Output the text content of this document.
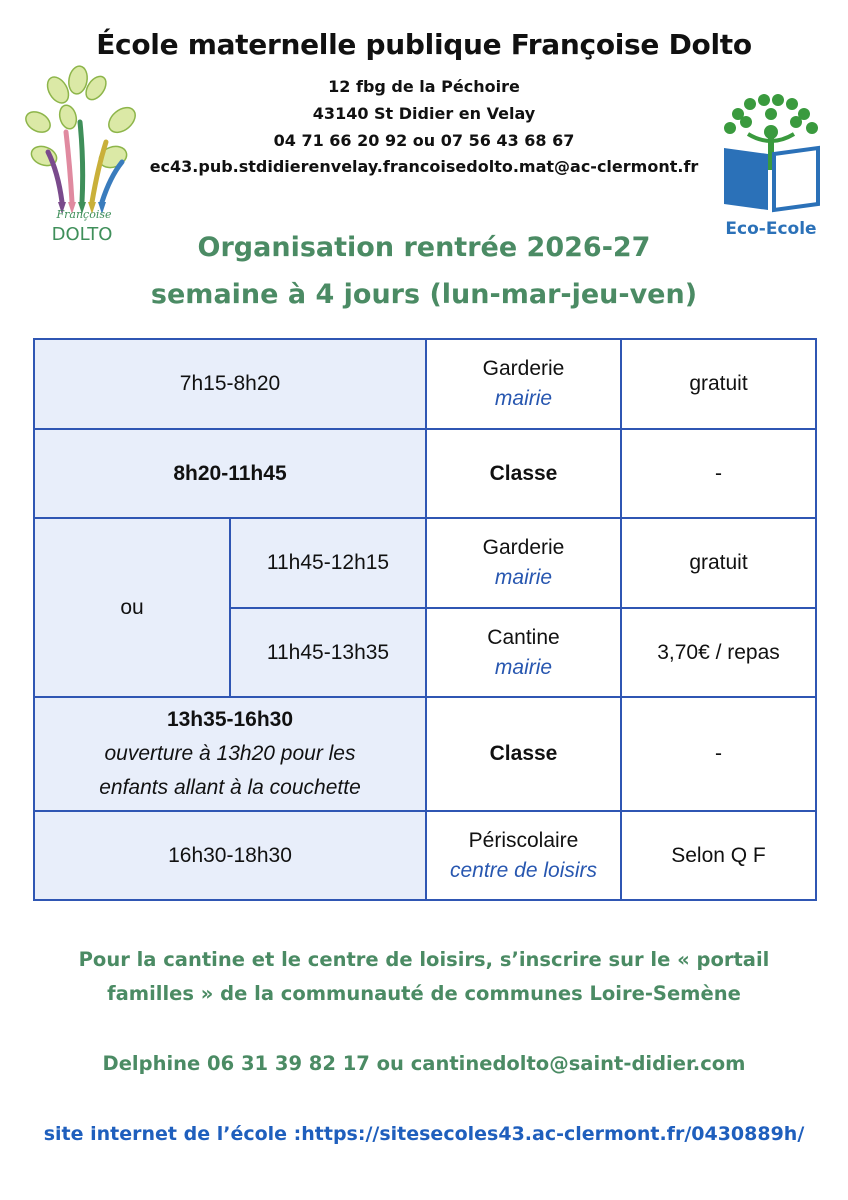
École maternelle publique Françoise Dolto
12 fbg de la Péchoire
43140 St Didier en Velay
04 71 66 20 92 ou 07 56 43 68 67
ec43.pub.stdidierenvelay.francoisedolto.mat@ac-clermont.fr
Françoise
DOLTO	Eco-Ecole
Organisation rentrée 2026-27
semaine à 4 jours (lun-mar-jeu-ven)
7h15-8h20		Garderie
mairie	gratuit
8h20-11h45		Classe	-
ou	11h45-12h15	Garderie
mairie	gratuit
	11h45-13h35	Cantine
mairie	3,70€ / repas
13h35-16h30
ouverture à 13h20 pour les
enfants allant à la couchette		Classe	-
16h30-18h30		Périscolaire
centre de loisirs	Selon Q F
Pour la cantine et le centre de loisirs, s’inscrire sur le « portail
familles » de la communauté de communes Loire-Semène
Delphine 06 31 39 82 17 ou cantinedolto@saint-didier.com
site internet de l’école :https://sitesecoles43.ac-clermont.fr/0430889h/
